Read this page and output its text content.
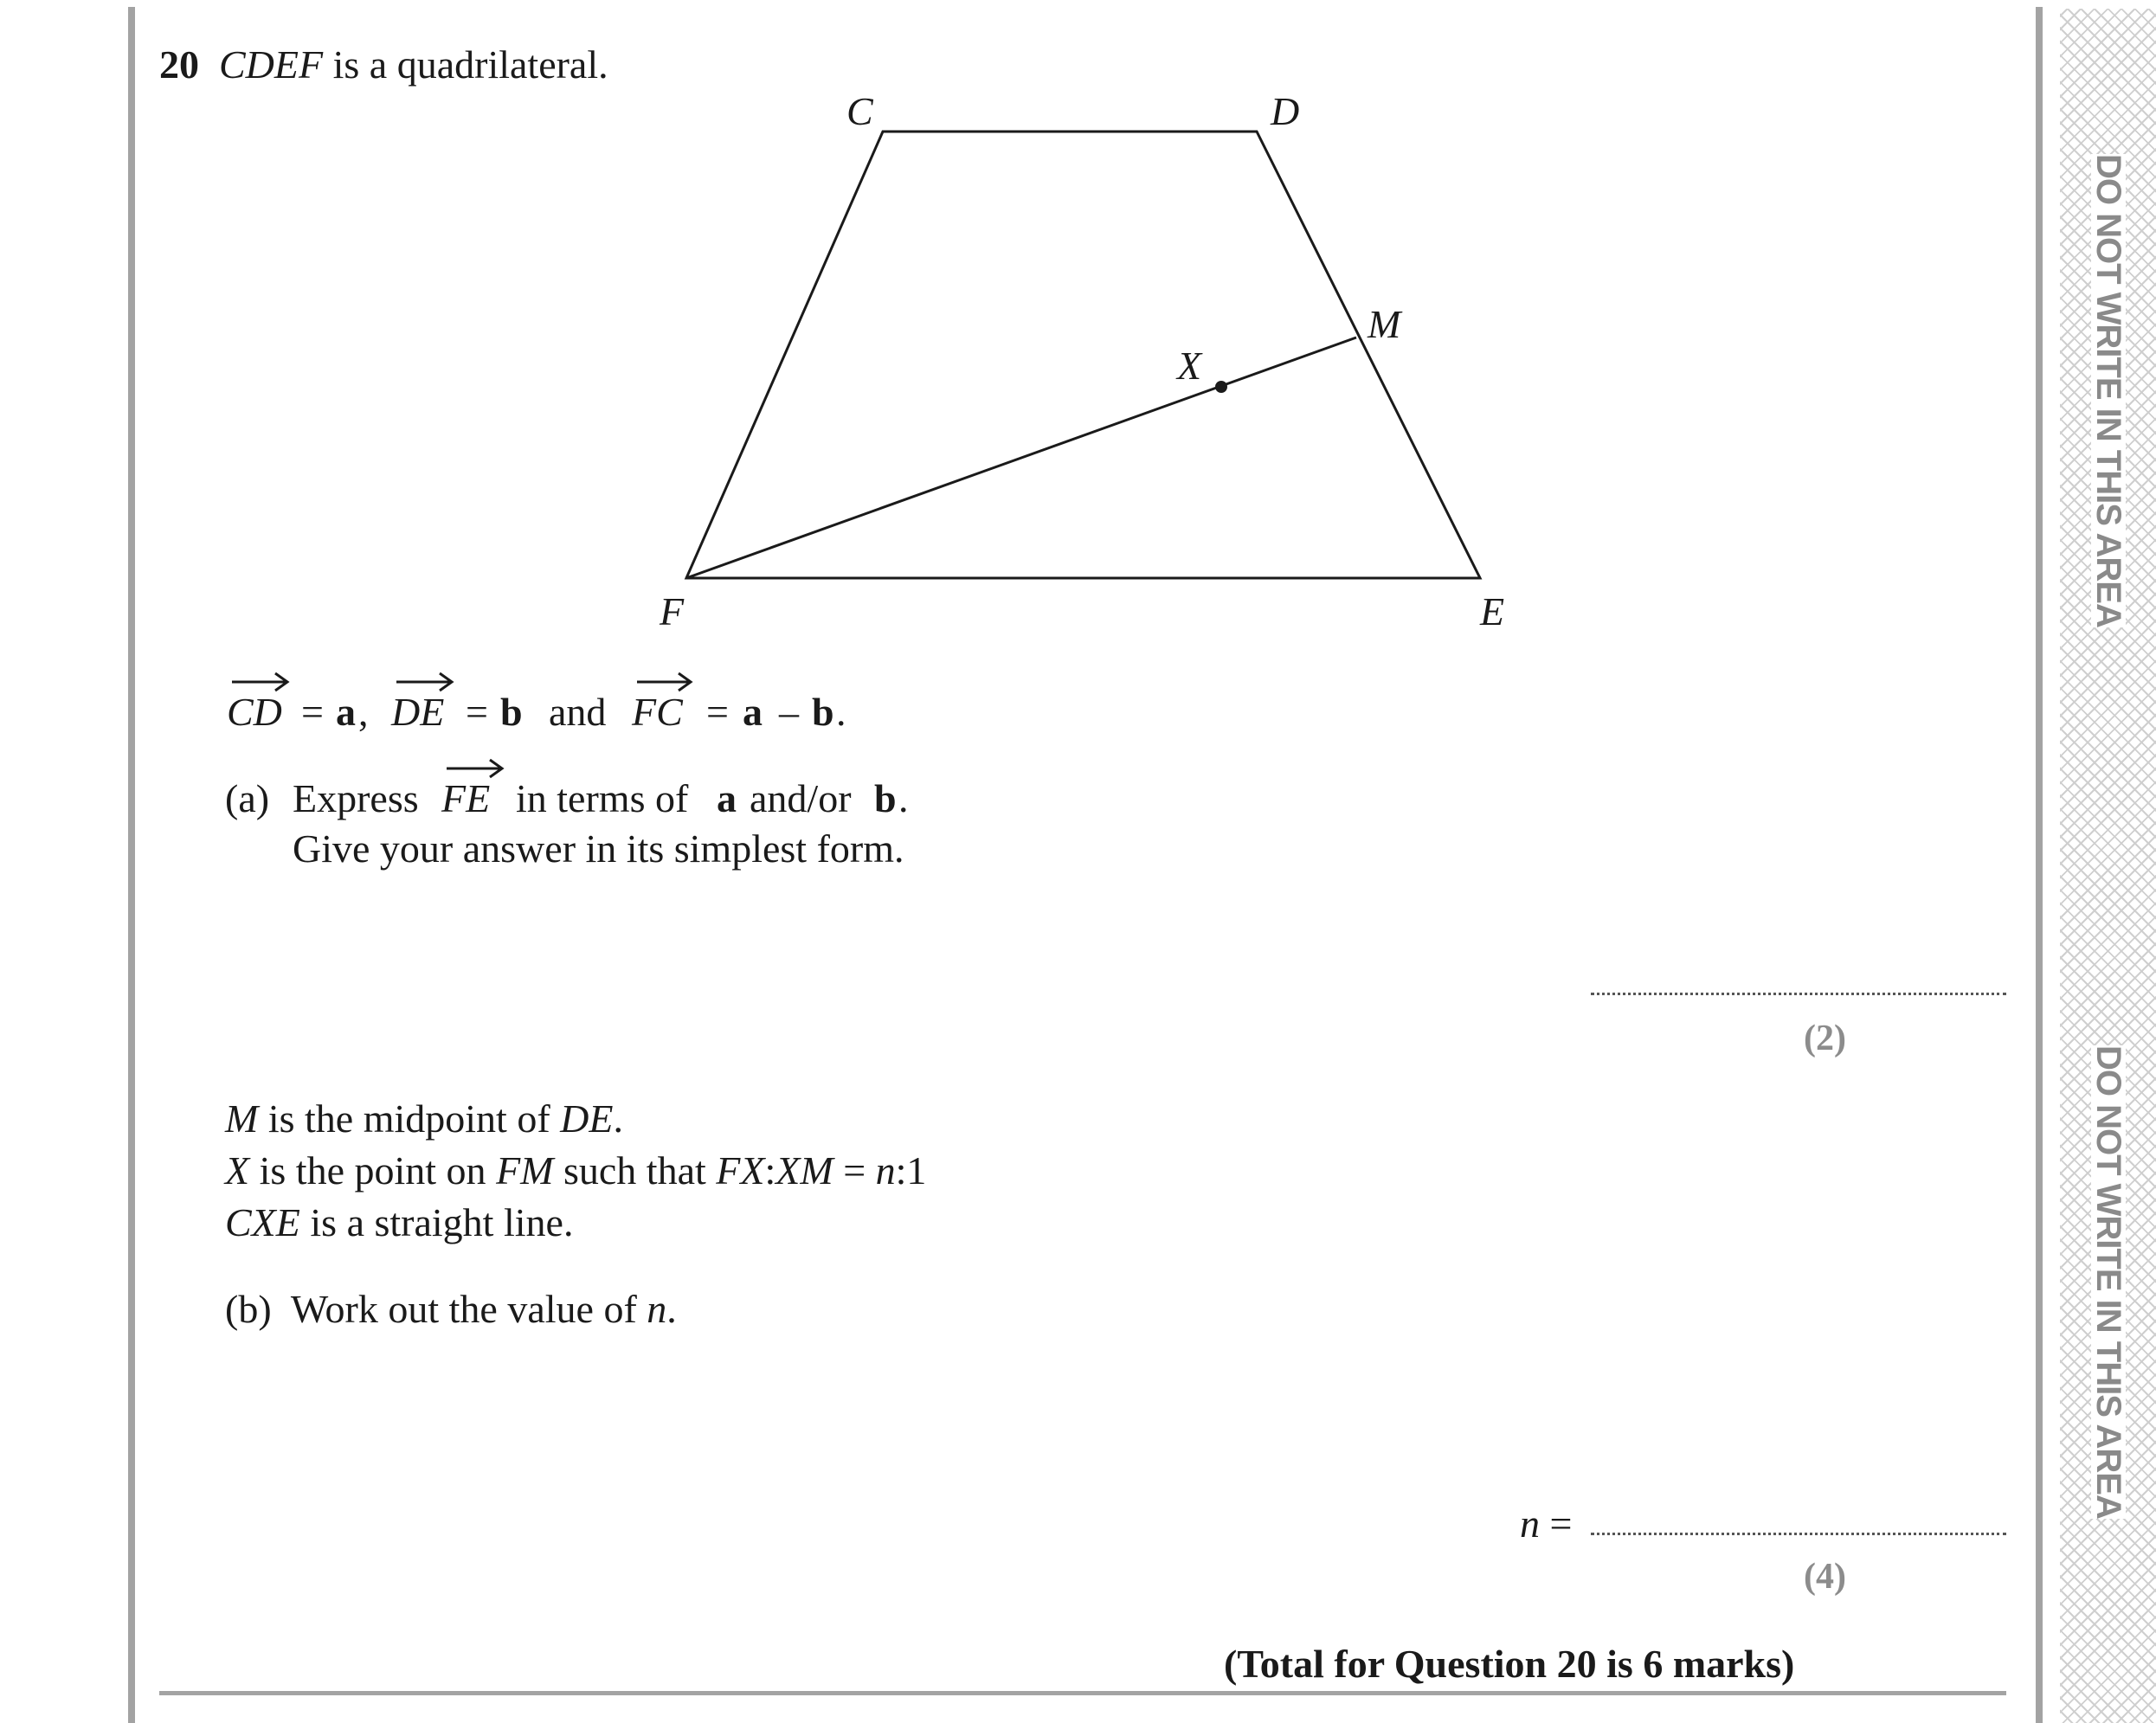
DO NOT WRITE IN THIS AREA
DO NOT WRITE IN THIS AREA
20 CDEF is a quadrilateral.
C	D
M
X
F	E
CD = a , DE = b and FC = a – b .
(a) Express FE in terms of a and/or b .
Give your answer in its simplest form.
(2)
M is the midpoint of DE.
X is the point on FM such that FX:XM = n:1
CXE is a straight line.
(b) Work out the value of n.
n =
(4)
(Total for Question 20 is 6 marks)
